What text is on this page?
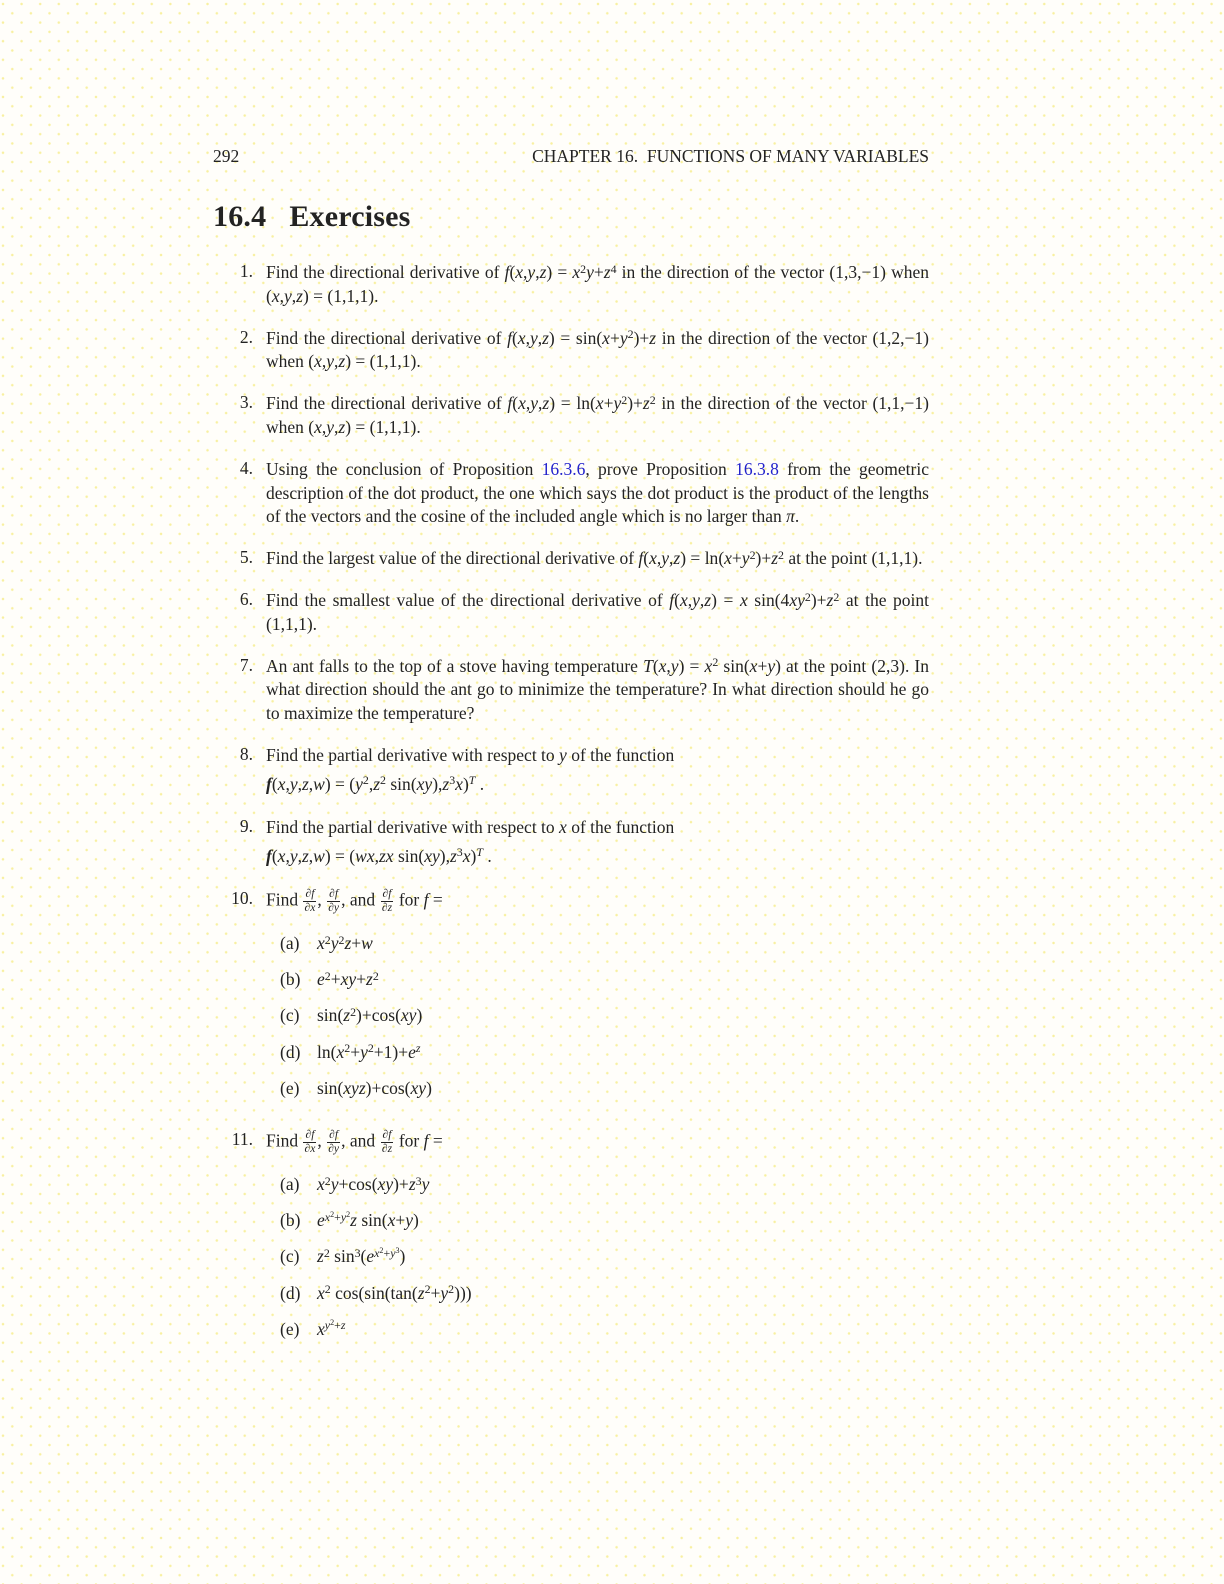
292	CHAPTER 16. FUNCTIONS OF MANY VARIABLES
16.4 Exercises
1. Find the directional derivative of $f(x,y,z) = x^2y+z^4$ in the direction of the vector (1,3,−1) when (x,y,z) = (1,1,1).
2. Find the directional derivative of $f(x,y,z) = \sin(x+y^2)+z$ in the direction of the vector (1,2,−1) when (x,y,z) = (1,1,1).
3. Find the directional derivative of $f(x,y,z) = \ln(x+y^2)+z^2$ in the direction of the vector (1,1,−1) when (x,y,z) = (1,1,1).
4. Using the conclusion of Proposition 16.3.6, prove Proposition 16.3.8 from the geometric description of the dot product, the one which says the dot product is the product of the lengths of the vectors and the cosine of the included angle which is no larger than π.
5. Find the largest value of the directional derivative of $f(x,y,z) = \ln(x+y^2)+z^2$ at the point (1,1,1).
6. Find the smallest value of the directional derivative of f(x,y,z) = x $\sin(4xy^2)+z^2$ at the point (1,1,1).
7. An ant falls to the top of a stove having temperature $T(x,y) = x^2$ sin(x+y) at the point (2,3). In what direction should the ant go to minimize the temperature? In what direction should he go to maximize the temperature?
8. Find the partial derivative with respect to y of the function
$f(x,y,z,w) = (y^2,z^2$ $\sin(xy),z^3x)^T$ .
9. Find the partial derivative with respect to x of the function
f(x,y,z,w) = (wx,zx $\sin(xy),z^3x)^T$ .
10. Find $\frac{\partial f}{\partial x}$ , $\frac{\partial f}{\partial y}$ , and $\frac{\partial f}{\partial z}$ for f =
(a)	$x^2y^2z+w$
(b) $e^2+xy+z^2$
(c)	$\sin(z^2)+\cos(xy)$
(d) $\ln(x^2+y^2+1)+e^z$
(e)	sin(xyz)+cos(xy)
11. Find $\frac{\partial f}{\partial x}$ , $\frac{\partial f}{\partial y}$ , and $\frac{\partial f}{\partial z}$ for f =
(a)	$x^2y+\cos(xy)+z^3y$
(b) $e^{x^2+y^2}z$ sin(x+y)
(c)	$z^2$ $\sin^3(e^{x^2+y^3})$
(d) $x^2$ $\cos(\sin(\tan(z^2+y^2)))$
(e)	$x^{y^2+z}$
